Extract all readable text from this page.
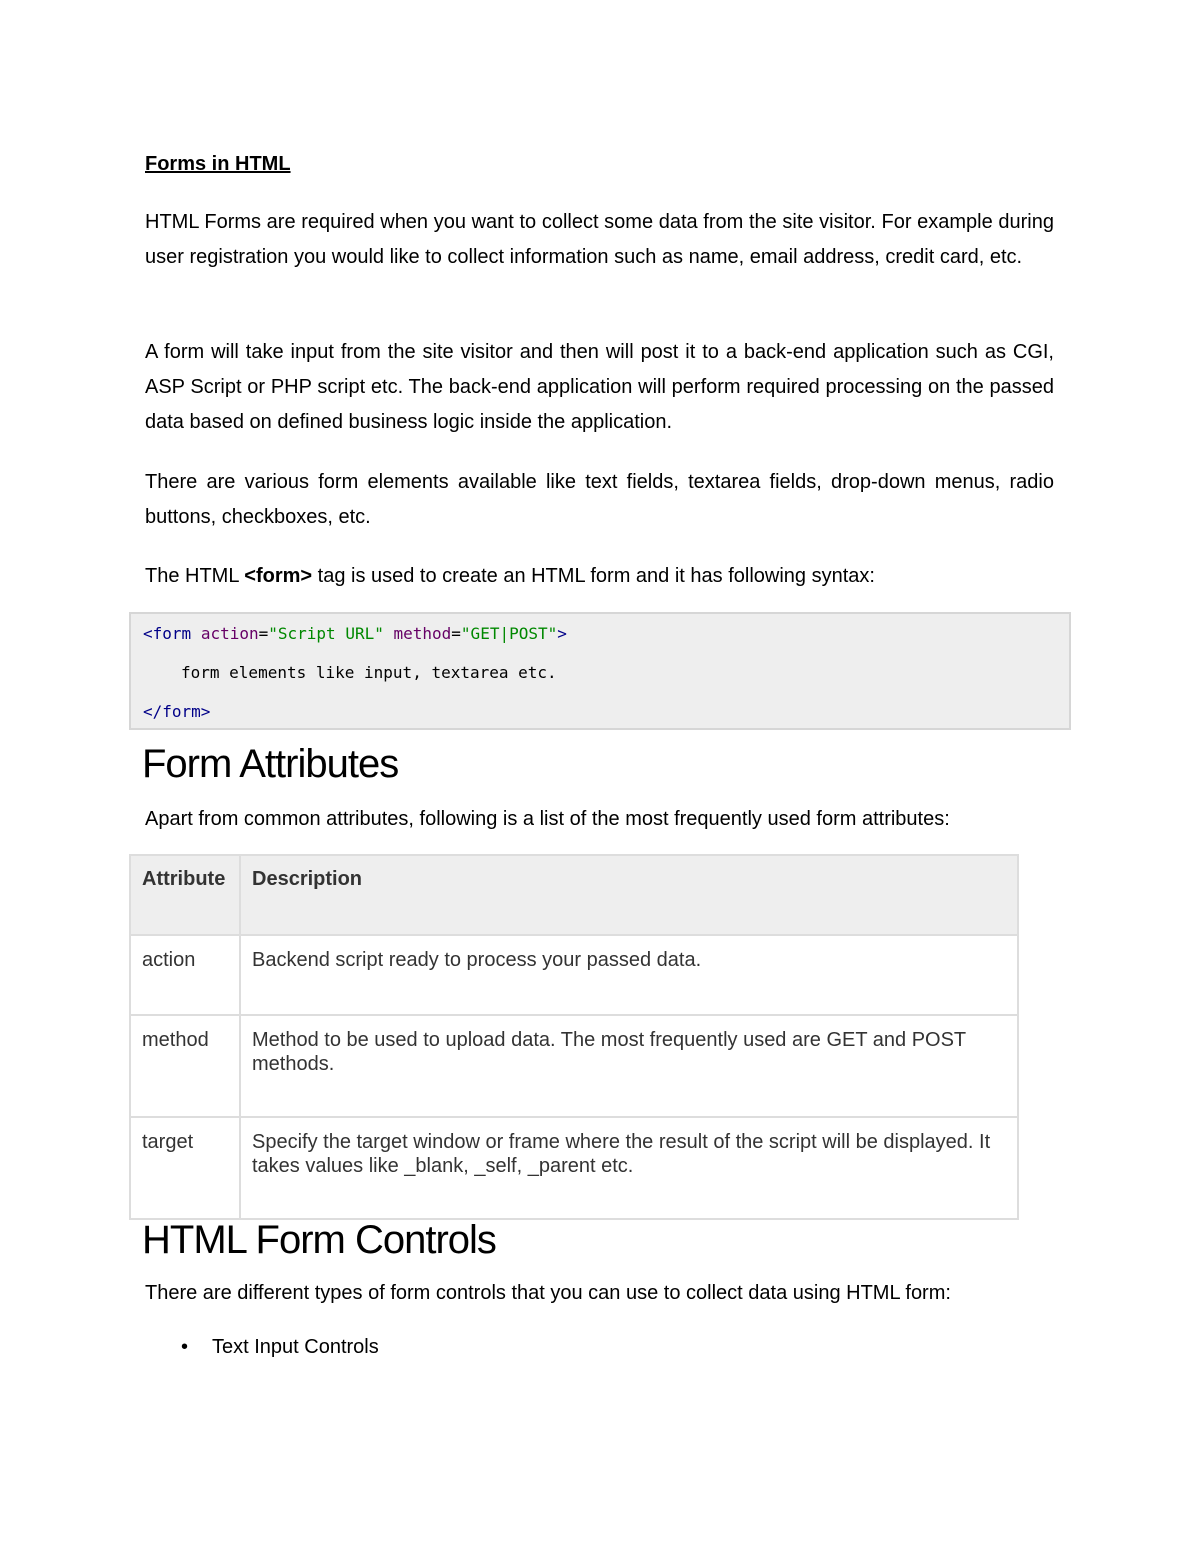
Forms in HTML

HTML Forms are required when you want to collect some data from the site visitor. For example during user registration you would like to collect information such as name, email address, credit card, etc.

A form will take input from the site visitor and then will post it to a back-end application such as CGI, ASP Script or PHP script etc. The back-end application will perform required processing on the passed data based on defined business logic inside the application.

There are various form elements available like text fields, textarea fields, drop-down menus, radio buttons, checkboxes, etc.

The HTML <form> tag is used to create an HTML form and it has following syntax:

<form action="Script URL" method="GET|POST">
form elements like input, textarea etc.
</form>
Form Attributes

Apart from common attributes, following is a list of the most frequently used form attributes:

Attribute	Description
action	Backend script ready to process your passed data.
method	Method to be used to upload data. The most frequently used are GET and POST methods.
target	Specify the target window or frame where the result of the script will be displayed. It takes values like _blank, _self, _parent etc.
HTML Form Controls

There are different types of form controls that you can use to collect data using HTML form:

• Text Input Controls
